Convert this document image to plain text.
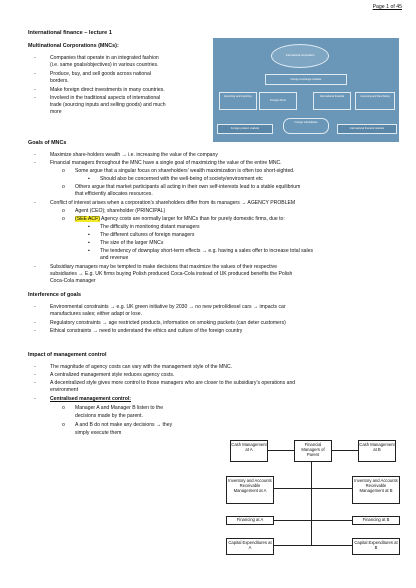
Page 1 of 45
International finance – lecture 1
Multinational Corporations (MNCs):
-	Companies that operate in an integrated fashion
(i.e. same goals/objectives) in various countries.
-	Produce, buy, and sell goods across national
borders.
-	Make foreign direct investments in many countries.
-	Involved in the traditional aspects of international
trade (sourcing inputs and selling goods) and much
more
International Corporation
Foreign exchange markets
Exporting and importing
Foreign direct
International financial	Licensing and franchising
Foreign product markets
Foreign subsidiaries
International financial markets
Goals of MNCs
-	Maximize share-holders wealth → i.e. increasing the value of the company
-	Financial managers throughout the MNC have a single goal of maximizing the value of the entire MNC.
o Some argue that a singular focus on shareholders’ wealth maximization is often too short-sighted.
▪ Should also be concerned with the well-being of society/environment etc
o Others argue that market participants all acting in their own self-interests lead to a stable equilibrium
that efficiently allocates resources.
-	Conflict of interest arises when a corporation’s shareholders differ from its managers → AGENCY PROBLEM
o Agent (CEO); shareholder (PRINCIPAL)
o (SEE ACF) Agency costs are normally larger for MNCs than for purely domestic firms, due to:
▪ The difficulty in monitoring distant managers
▪ The different cultures of foreign managers
▪ The size of the larger MNCs
▪ The tendency of downplay short-term effects → e.g. having a sales offer to increase total sales
and revenue
-	Subsidiary managers may be tempted to make decisions that maximize the values of their respective
subsidiaries → E.g. UK firms buying Polish produced Coca-Cola instead of UK produced benefits the Polish
Coca-Cola manager
Interference of goals
-	Environmental constraints → e.g. UK green initiative by 2030 → no new petrol/diesel cars → impacts car
manufactures sales; either adapt or lose.
-	Regulatory constraints → age restricted products, information on smoking packets (can deter customers)
-	Ethical constraints → need to understand the ethics and culture of the foreign country
Impact of management control
-	The magnitude of agency costs can vary with the management style of the MNC.
-	A centralized management style reduces agency costs.
-	A decentralized style gives more control to those managers who are closer to the subsidiary’s operations and
environment
-	Centralised management control:
o Manager A and Manager B listen to the
decisions made by the parent.
o A and B do not make any decisions → they
simply execute them
Cash Management at A
Financial Managers of Parent
Cash Management at B
Inventory and Accounts Receivable Management at A
Inventory and Accounts Receivable Management at B
Financing at A	Financing at B
Capital Expenditures at A
Capital Expenditures at B
